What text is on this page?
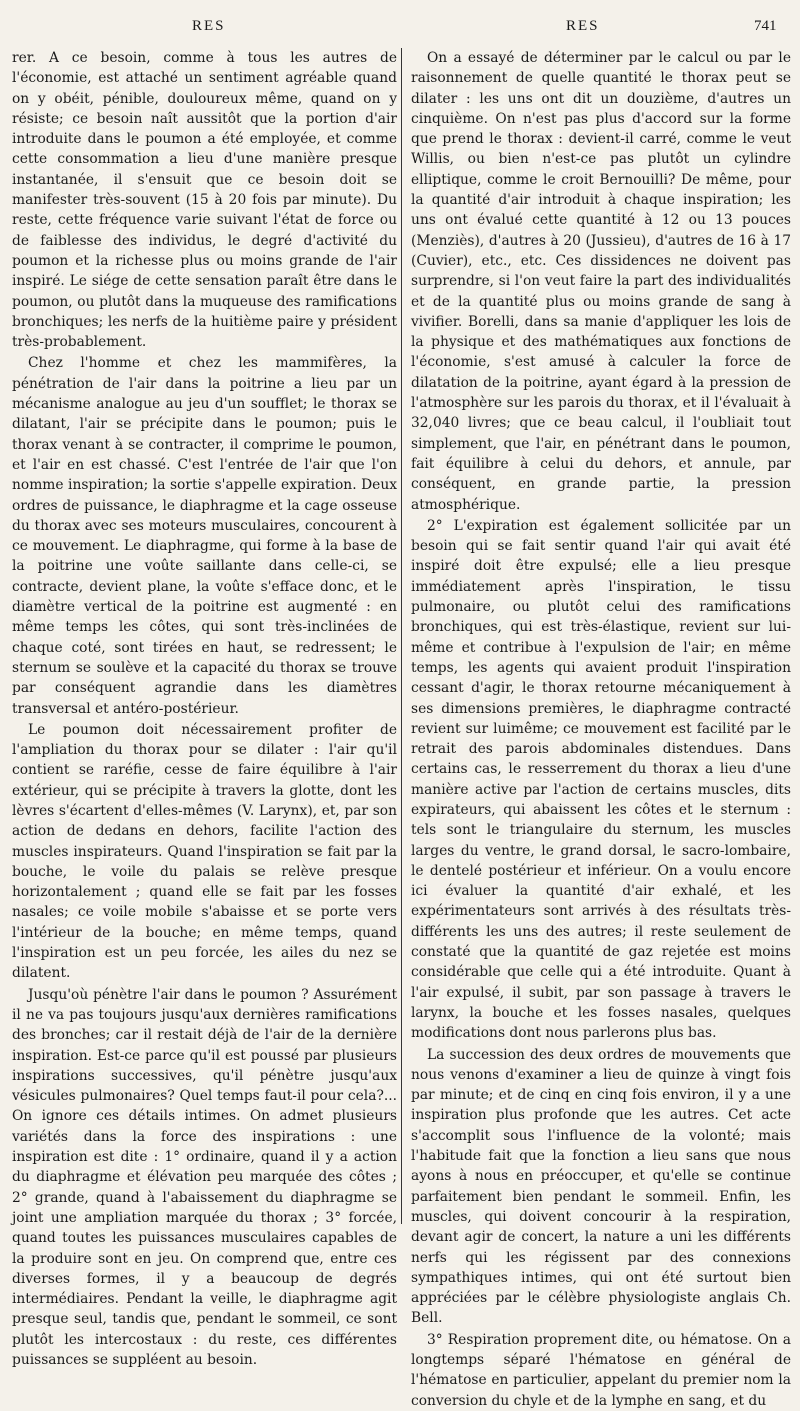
RES	RES	741

rer. A ce besoin, comme à tous les autres de l'économie, est attaché un sentiment agréable quand on y obéit, pénible, douloureux même, quand on y résiste; ce besoin naît aussitôt que la portion d'air introduite dans le poumon a été employée, et comme cette consommation a lieu d'une manière presque instantanée, il s'ensuit que ce besoin doit se manifester très-souvent (15 à 20 fois par minute). Du reste, cette fréquence varie suivant l'état de force ou de faiblesse des individus, le degré d'activité du poumon et la richesse plus ou moins grande de l'air inspiré. Le siége de cette sensation paraît être dans le poumon, ou plutôt dans la muqueuse des ramifications bronchiques; les nerfs de la huitième paire y président très-probablement.

Chez l'homme et chez les mammifères, la pénétration de l'air dans la poitrine a lieu par un mécanisme analogue au jeu d'un soufflet; le thorax se dilatant, l'air se précipite dans le poumon; puis le thorax venant à se contracter, il comprime le poumon, et l'air en est chassé. C'est l'entrée de l'air que l'on nomme inspiration; la sortie s'appelle expiration. Deux ordres de puissance, le diaphragme et la cage osseuse du thorax avec ses moteurs musculaires, concourent à ce mouvement. Le diaphragme, qui forme à la base de la poitrine une voûte saillante dans celle-ci, se contracte, devient plane, la voûte s'efface donc, et le diamètre vertical de la poitrine est augmenté : en même temps les côtes, qui sont très-inclinées de chaque coté, sont tirées en haut, se redressent; le sternum se soulève et la capacité du thorax se trouve par conséquent agrandie dans les diamètres transversal et antéro-postérieur.

Le poumon doit nécessairement profiter de l'ampliation du thorax pour se dilater : l'air qu'il contient se raréfie, cesse de faire équilibre à l'air extérieur, qui se précipite à travers la glotte, dont les lèvres s'écartent d'elles-mêmes (V. Larynx), et, par son action de dedans en dehors, facilite l'action des muscles inspirateurs. Quand l'inspiration se fait par la bouche, le voile du palais se relève presque horizontalement ; quand elle se fait par les fosses nasales; ce voile mobile s'abaisse et se porte vers l'intérieur de la bouche; en même temps, quand l'inspiration est un peu forcée, les ailes du nez se dilatent.

Jusqu'où pénètre l'air dans le poumon ? Assurément il ne va pas toujours jusqu'aux dernières ramifications des bronches; car il restait déjà de l'air de la dernière inspiration. Est-ce parce qu'il est poussé par plusieurs inspirations successives, qu'il pénètre jusqu'aux vésicules pulmonaires? Quel temps faut-il pour cela?... On ignore ces détails intimes. On admet plusieurs variétés dans la force des inspirations : une inspiration est dite : 1° ordinaire, quand il y a action du diaphragme et élévation peu marquée des côtes ; 2° grande, quand à l'abaissement du diaphragme se joint une ampliation marquée du thorax ; 3° forcée, quand toutes les puissances musculaires capables de la produire sont en jeu. On comprend que, entre ces diverses formes, il y a beaucoup de degrés intermédiaires. Pendant la veille, le diaphragme agit presque seul, tandis que, pendant le sommeil, ce sont plutôt les intercostaux : du reste, ces différentes puissances se suppléent au besoin.

On a essayé de déterminer par le calcul ou par le raisonnement de quelle quantité le thorax peut se dilater : les uns ont dit un douzième, d'autres un cinquième. On n'est pas plus d'accord sur la forme que prend le thorax : devient-il carré, comme le veut Willis, ou bien n'est-ce pas plutôt un cylindre elliptique, comme le croit Bernouilli? De même, pour la quantité d'air introduit à chaque inspiration; les uns ont évalué cette quantité à 12 ou 13 pouces (Menziès), d'autres à 20 (Jussieu), d'autres de 16 à 17 (Cuvier), etc., etc. Ces dissidences ne doivent pas surprendre, si l'on veut faire la part des individualités et de la quantité plus ou moins grande de sang à vivifier. Borelli, dans sa manie d'appliquer les lois de la physique et des mathématiques aux fonctions de l'économie, s'est amusé à calculer la force de dilatation de la poitrine, ayant égard à la pression de l'atmosphère sur les parois du thorax, et il l'évaluait à 32,040 livres; que ce beau calcul, il l'oubliait tout simplement, que l'air, en pénétrant dans le poumon, fait équilibre à celui du dehors, et annule, par conséquent, en grande partie, la pression atmosphérique.

2° L'expiration est également sollicitée par un besoin qui se fait sentir quand l'air qui avait été inspiré doit être expulsé; elle a lieu presque immédiatement après l'inspiration, le tissu pulmonaire, ou plutôt celui des ramifications bronchiques, qui est très-élastique, revient sur lui-même et contribue à l'expulsion de l'air; en même temps, les agents qui avaient produit l'inspiration cessant d'agir, le thorax retourne mécaniquement à ses dimensions premières, le diaphragme contracté revient sur luimême; ce mouvement est facilité par le retrait des parois abdominales distendues. Dans certains cas, le resserrement du thorax a lieu d'une manière active par l'action de certains muscles, dits expirateurs, qui abaissent les côtes et le sternum : tels sont le triangulaire du sternum, les muscles larges du ventre, le grand dorsal, le sacro-lombaire, le dentelé postérieur et inférieur. On a voulu encore ici évaluer la quantité d'air exhalé, et les expérimentateurs sont arrivés à des résultats très-différents les uns des autres; il reste seulement de constaté que la quantité de gaz rejetée est moins considérable que celle qui a été introduite. Quant à l'air expulsé, il subit, par son passage à travers le larynx, la bouche et les fosses nasales, quelques modifications dont nous parlerons plus bas.

La succession des deux ordres de mouvements que nous venons d'examiner a lieu de quinze à vingt fois par minute; et de cinq en cinq fois environ, il y a une inspiration plus profonde que les autres. Cet acte s'accomplit sous l'influence de la volonté; mais l'habitude fait que la fonction a lieu sans que nous ayons à nous en préoccuper, et qu'elle se continue parfaitement bien pendant le sommeil. Enfin, les muscles, qui doivent concourir à la respiration, devant agir de concert, la nature a uni les différents nerfs qui les régissent par des connexions sympathiques intimes, qui ont été surtout bien appréciées par le célèbre physiologiste anglais Ch. Bell.

3° Respiration proprement dite, ou hématose. On a longtemps séparé l'hématose en général de l'hématose en particulier, appelant du premier nom la conversion du chyle et de la lymphe en sang, et du
